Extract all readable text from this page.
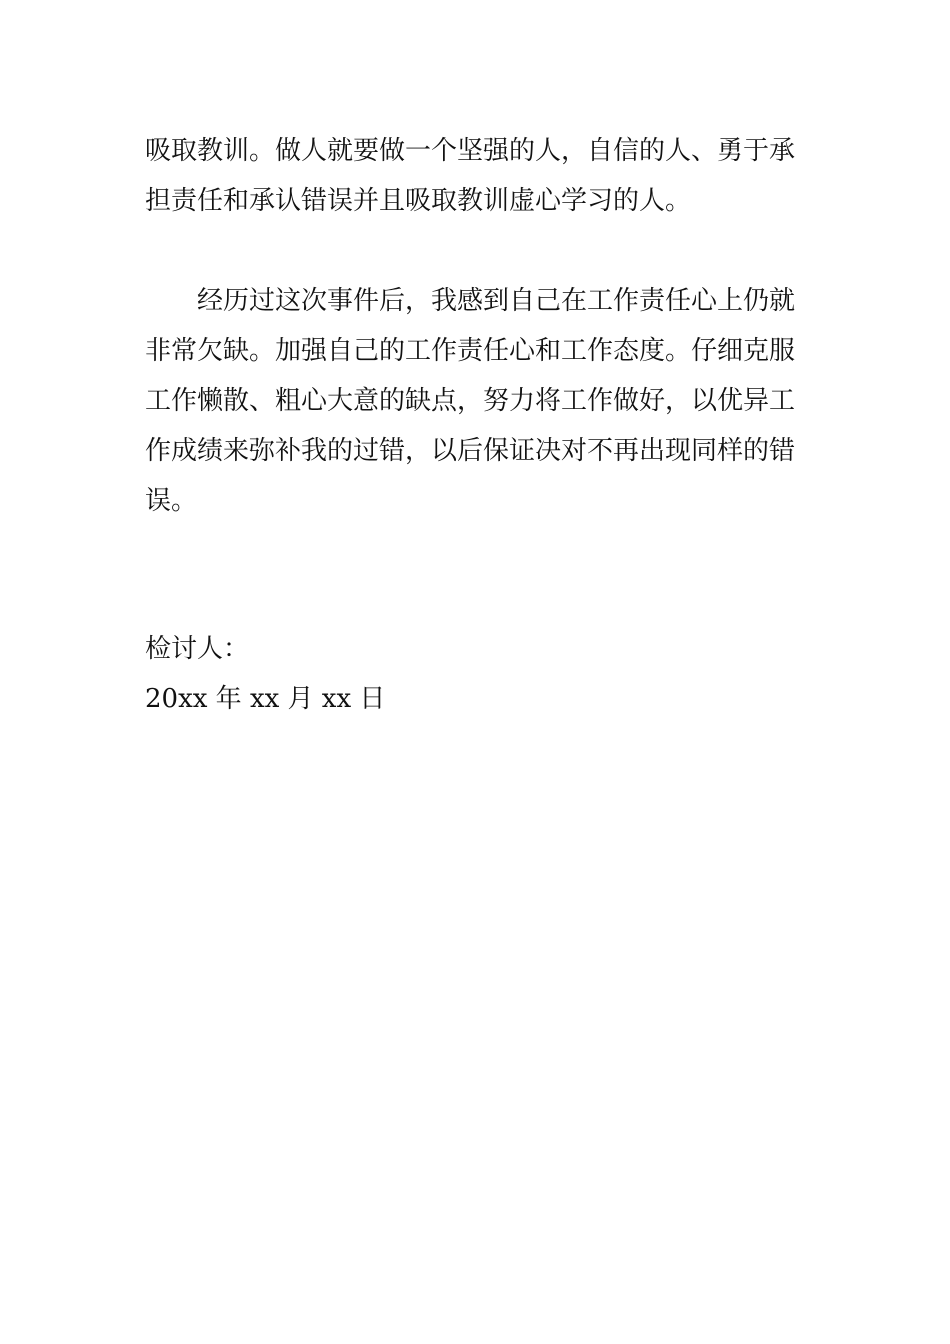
吸取教训。做人就要做一个坚强的人，自信的人、勇于承
担责任和承认错误并且吸取教训虚心学习的人。
经历过这次事件后，我感到自己在工作责任心上仍就
非常欠缺。加强自己的工作责任心和工作态度。仔细克服
工作懒散、粗心大意的缺点，努力将工作做好，以优异工
作成绩来弥补我的过错，以后保证决对不再出现同样的错
误。
检讨人：
20xx 年 xx 月 xx 日
